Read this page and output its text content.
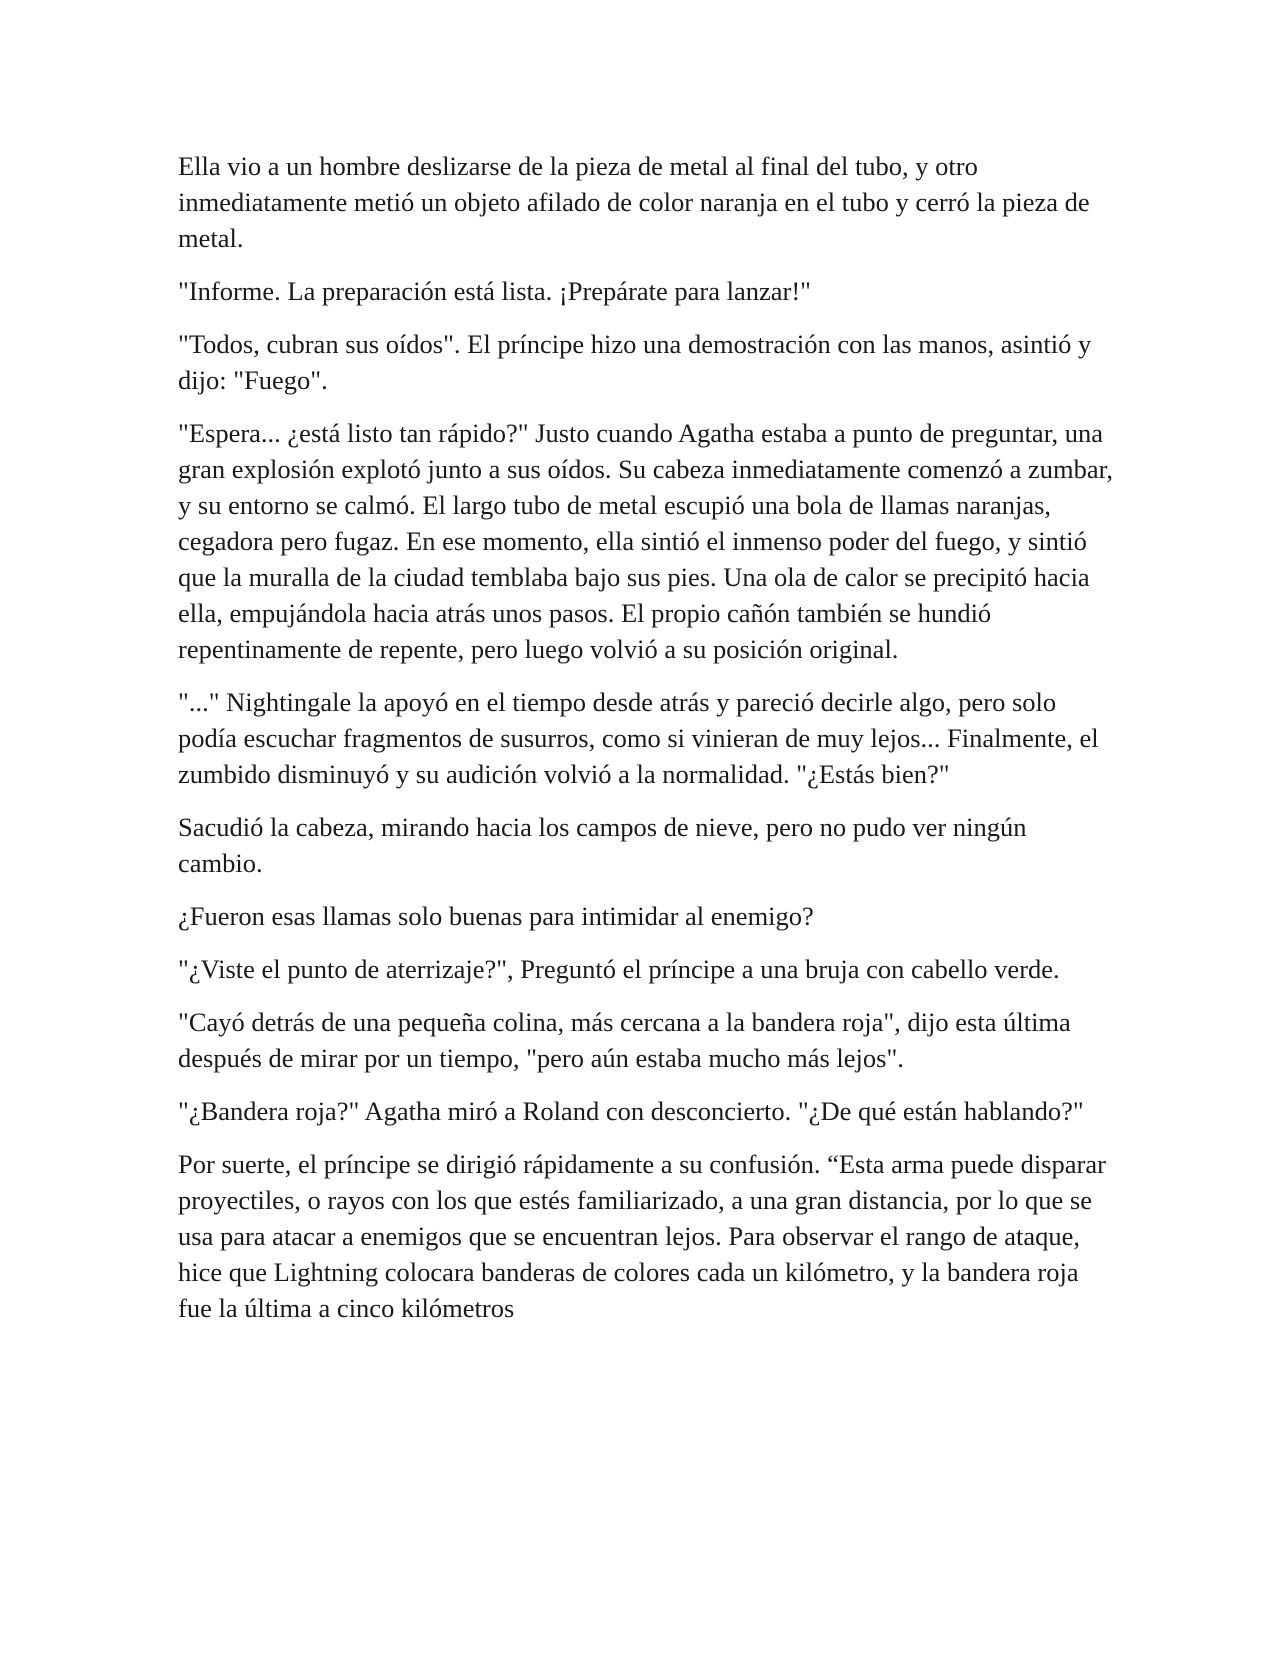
Ella vio a un hombre deslizarse de la pieza de metal al final del tubo, y otro inmediatamente metió un objeto afilado de color naranja en el tubo y cerró la pieza de metal.

"Informe. La preparación está lista. ¡Prepárate para lanzar!"

"Todos, cubran sus oídos". El príncipe hizo una demostración con las manos, asintió y dijo: "Fuego".

"Espera... ¿está listo tan rápido?" Justo cuando Agatha estaba a punto de preguntar, una gran explosión explotó junto a sus oídos. Su cabeza inmediatamente comenzó a zumbar, y su entorno se calmó. El largo tubo de metal escupió una bola de llamas naranjas, cegadora pero fugaz. En ese momento, ella sintió el inmenso poder del fuego, y sintió que la muralla de la ciudad temblaba bajo sus pies. Una ola de calor se precipitó hacia ella, empujándola hacia atrás unos pasos. El propio cañón también se hundió repentinamente de repente, pero luego volvió a su posición original.

"..." Nightingale la apoyó en el tiempo desde atrás y pareció decirle algo, pero solo podía escuchar fragmentos de susurros, como si vinieran de muy lejos... Finalmente, el zumbido disminuyó y su audición volvió a la normalidad. "¿Estás bien?"

Sacudió la cabeza, mirando hacia los campos de nieve, pero no pudo ver ningún cambio.

¿Fueron esas llamas solo buenas para intimidar al enemigo?

"¿Viste el punto de aterrizaje?", Preguntó el príncipe a una bruja con cabello verde.

"Cayó detrás de una pequeña colina, más cercana a la bandera roja", dijo esta última después de mirar por un tiempo, "pero aún estaba mucho más lejos".

"¿Bandera roja?" Agatha miró a Roland con desconcierto. "¿De qué están hablando?"

Por suerte, el príncipe se dirigió rápidamente a su confusión. “Esta arma puede disparar proyectiles, o rayos con los que estés familiarizado, a una gran distancia, por lo que se usa para atacar a enemigos que se encuentran lejos. Para observar el rango de ataque, hice que Lightning colocara banderas de colores cada un kilómetro, y la bandera roja fue la última a cinco kilómetros
